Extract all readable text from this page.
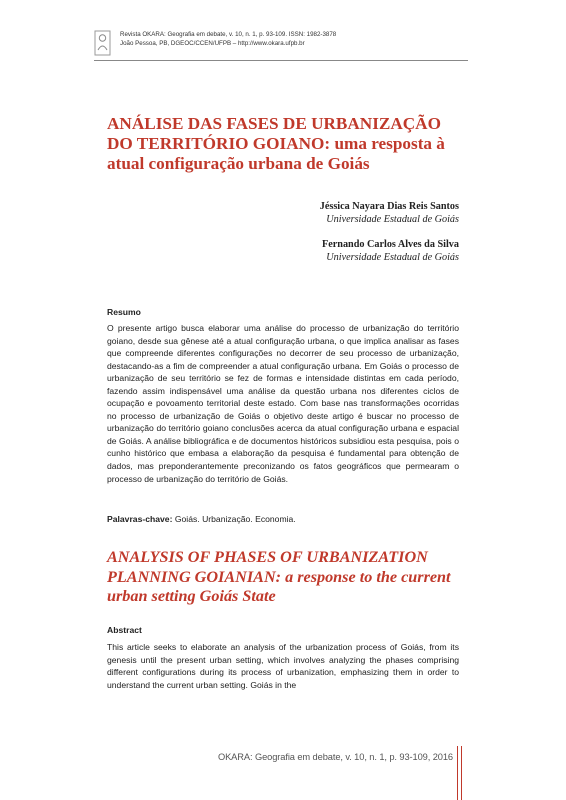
Revista OKARA: Geografia em debate, v. 10, n. 1, p. 93-109. ISSN: 1982-3878
João Pessoa, PB, DGEOC/CCEN/UFPB – http://www.okara.ufpb.br
ANÁLISE DAS FASES DE URBANIZAÇÃO DO TERRITÓRIO GOIANO: uma resposta à atual configuração urbana de Goiás
Jéssica Nayara Dias Reis Santos
Universidade Estadual de Goiás
Fernando Carlos Alves da Silva
Universidade Estadual de Goiás
Resumo
O presente artigo busca elaborar uma análise do processo de urbanização do território goiano, desde sua gênese até a atual configuração urbana, o que implica analisar as fases que compreende diferentes configurações no decorrer de seu processo de urbanização, destacando-as a fim de compreender a atual configuração urbana. Em Goiás o processo de urbanização de seu território se fez de formas e intensidade distintas em cada período, fazendo assim indispensável uma análise da questão urbana nos diferentes ciclos de ocupação e povoamento territorial deste estado. Com base nas transformações ocorridas no processo de urbanização de Goiás o objetivo deste artigo é buscar no processo de urbanização do território goiano conclusões acerca da atual configuração urbana e espacial de Goiás. A análise bibliográfica e de documentos históricos subsidiou esta pesquisa, pois o cunho histórico que embasa a elaboração da pesquisa é fundamental para obtenção de dados, mas preponderantemente preconizando os fatos geográficos que permearam o processo de urbanização do território de Goiás.
Palavras-chave: Goiás. Urbanização. Economia.
ANALYSIS OF PHASES OF URBANIZATION PLANNING GOIANIAN: a response to the current urban setting Goiás State
Abstract
This article seeks to elaborate an analysis of the urbanization process of Goiás, from its genesis until the present urban setting, which involves analyzing the phases comprising different configurations during its process of urbanization, emphasizing them in order to understand the current urban setting. Goiás in the
OKARA: Geografia em debate, v. 10, n. 1, p. 93-109, 2016
